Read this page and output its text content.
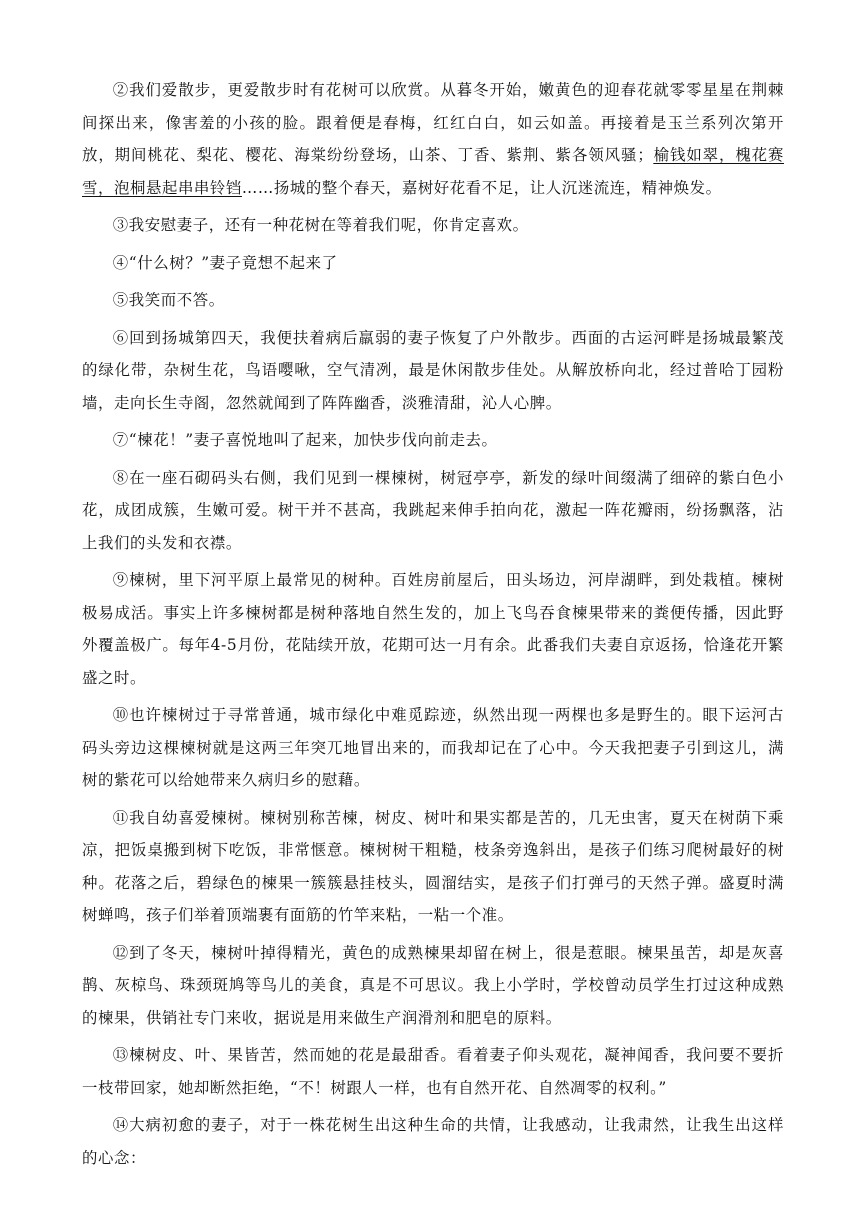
②我们爱散步，更爱散步时有花树可以欣赏。从暮冬开始，嫩黄色的迎春花就零零星星在荆棘间探出来，像害羞的小孩的脸。跟着便是春梅，红红白白，如云如盖。再接着是玉兰系列次第开放，期间桃花、梨花、樱花、海棠纷纷登场，山茶、丁香、紫荆、紫各领风骚；榆钱如翠，槐花赛雪，泡桐悬起串串铃铛……扬城的整个春天，嘉树好花看不足，让人沉迷流连，精神焕发。

③我安慰妻子，还有一种花树在等着我们呢，你肯定喜欢。

④“什么树？”妻子竟想不起来了

⑤我笑而不答。

⑥回到扬城第四天，我便扶着病后羸弱的妻子恢复了户外散步。西面的古运河畔是扬城最繁茂的绿化带，杂树生花，鸟语嘤啾，空气清冽，最是休闲散步佳处。从解放桥向北，经过普哈丁园粉墙，走向长生寺阁，忽然就闻到了阵阵幽香，淡雅清甜，沁人心脾。

⑦“楝花！”妻子喜悦地叫了起来，加快步伐向前走去。

⑧在一座石砌码头右侧，我们见到一棵楝树，树冠亭亭，新发的绿叶间缀满了细碎的紫白色小花，成团成簇，生嫩可爱。树干并不甚高，我跳起来伸手拍向花，激起一阵花瓣雨，纷扬飘落，沾上我们的头发和衣襟。

⑨楝树，里下河平原上最常见的树种。百姓房前屋后，田头场边，河岸湖畔，到处栽植。楝树极易成活。事实上许多楝树都是树种落地自然生发的，加上飞鸟吞食楝果带来的粪便传播，因此野外覆盖极广。每年4-5月份，花陆续开放，花期可达一月有余。此番我们夫妻自京返扬，恰逢花开繁盛之时。

⑩也许楝树过于寻常普通，城市绿化中难觅踪迹，纵然出现一两棵也多是野生的。眼下运河古码头旁边这棵楝树就是这两三年突兀地冒出来的，而我却记在了心中。今天我把妻子引到这儿，满树的紫花可以给她带来久病归乡的慰藉。

⑪我自幼喜爱楝树。楝树别称苦楝，树皮、树叶和果实都是苦的，几无虫害，夏天在树荫下乘凉，把饭桌搬到树下吃饭，非常惬意。楝树树干粗糙，枝条旁逸斜出，是孩子们练习爬树最好的树种。花落之后，碧绿色的楝果一簇簇悬挂枝头，圆溜结实，是孩子们打弹弓的天然子弹。盛夏时满树蝉鸣，孩子们举着顶端裹有面筋的竹竿来粘，一粘一个准。

⑫到了冬天，楝树叶掉得精光，黄色的成熟楝果却留在树上，很是惹眼。楝果虽苦，却是灰喜鹊、灰椋鸟、珠颈斑鸠等鸟儿的美食，真是不可思议。我上小学时，学校曾动员学生打过这种成熟的楝果，供销社专门来收，据说是用来做生产润滑剂和肥皂的原料。

⑬楝树皮、叶、果皆苦，然而她的花是最甜香。看着妻子仰头观花，凝神闻香，我问要不要折一枝带回家，她却断然拒绝，“不！树跟人一样，也有自然开花、自然凋零的权利。”

⑭大病初愈的妻子，对于一株花树生出这种生命的共情，让我感动，让我肃然，让我生出这样的心念：
